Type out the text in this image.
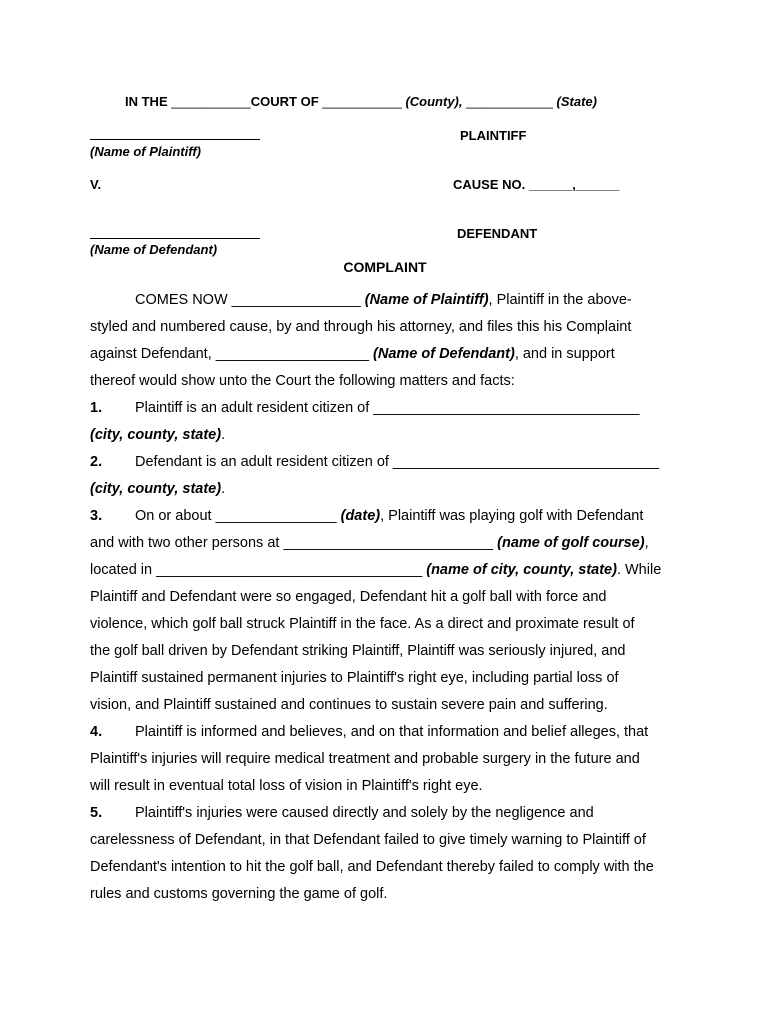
IN THE ___________COURT OF ___________ (County), ____________ (State)
PLAINTIFF
(Name of Plaintiff)
V.	CAUSE NO. ______,______
DEFENDANT
(Name of Defendant)
COMPLAINT
COMES NOW ________________ (Name of Plaintiff), Plaintiff in the above-
styled and numbered cause, by and through his attorney, and files this his Complaint
against Defendant, ___________________ (Name of Defendant), and in support
thereof would show unto the Court the following matters and facts:
1. Plaintiff is an adult resident citizen of _________________________________
(city, county, state).
2. Defendant is an adult resident citizen of _________________________________
(city, county, state).
3. On or about _______________ (date), Plaintiff was playing golf with Defendant
and with two other persons at __________________________ (name of golf course),
located in _________________________________ (name of city, county, state). While
Plaintiff and Defendant were so engaged, Defendant hit a golf ball with force and
violence, which golf ball struck Plaintiff in the face. As a direct and proximate result of
the golf ball driven by Defendant striking Plaintiff, Plaintiff was seriously injured, and
Plaintiff sustained permanent injuries to Plaintiff's right eye, including partial loss of
vision, and Plaintiff sustained and continues to sustain severe pain and suffering.
4. Plaintiff is informed and believes, and on that information and belief alleges, that
Plaintiff's injuries will require medical treatment and probable surgery in the future and
will result in eventual total loss of vision in Plaintiff's right eye.
5. Plaintiff's injuries were caused directly and solely by the negligence and
carelessness of Defendant, in that Defendant failed to give timely warning to Plaintiff of
Defendant's intention to hit the golf ball, and Defendant thereby failed to comply with the
rules and customs governing the game of golf.
